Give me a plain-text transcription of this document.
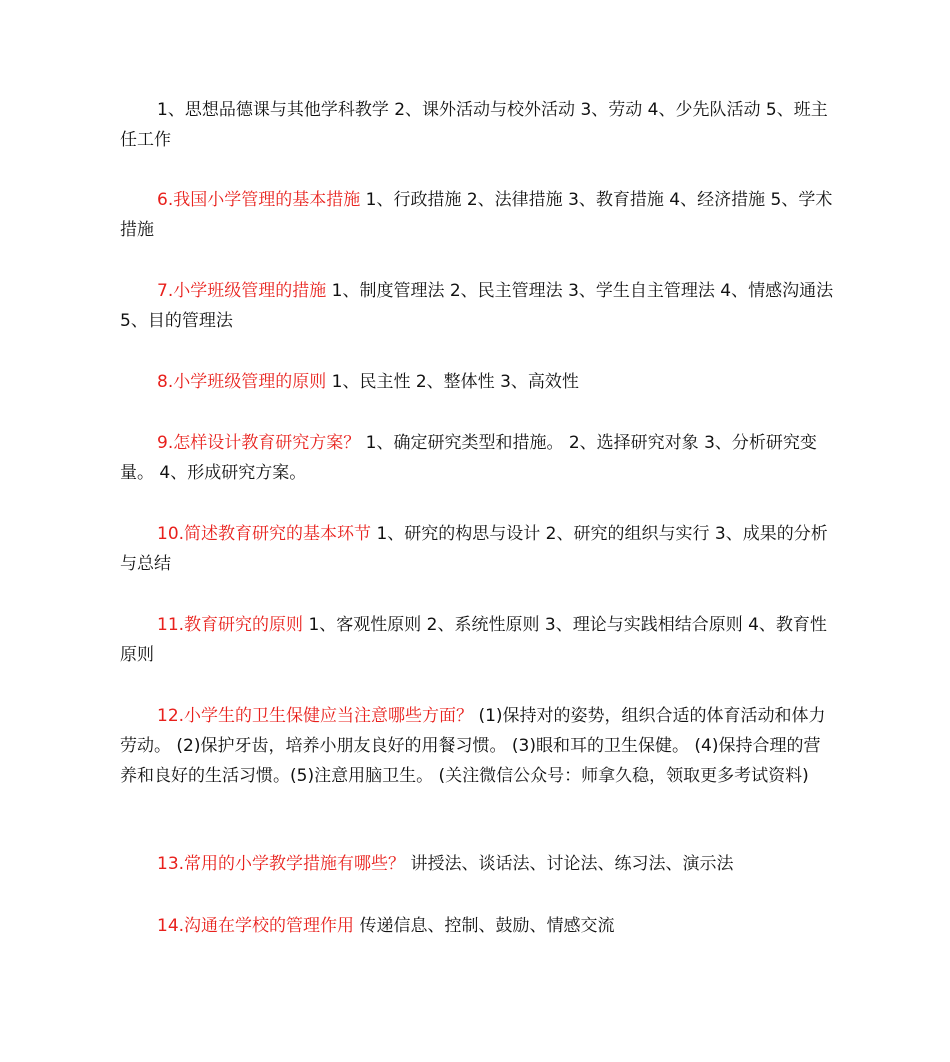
1、思想品德课与其他学科教学 2、课外活动与校外活动 3、劳动 4、少先队活动 5、班主任工作

6.我国小学管理的基本措施 1、行政措施 2、法律措施 3、教育措施 4、经济措施 5、学术措施

7.小学班级管理的措施 1、制度管理法 2、民主管理法 3、学生自主管理法 4、情感沟通法 5、目的管理法

8.小学班级管理的原则 1、民主性 2、整体性 3、高效性

9.怎样设计教育研究方案？ 1、确定研究类型和措施。 2、选择研究对象 3、分析研究变量。 4、形成研究方案。

10.简述教育研究的基本环节 1、研究的构思与设计 2、研究的组织与实行 3、成果的分析与总结

11.教育研究的原则 1、客观性原则 2、系统性原则 3、理论与实践相结合原则 4、教育性原则

12.小学生的卫生保健应当注意哪些方面？ (1)保持对的姿势，组织合适的体育活动和体力劳动。 (2)保护牙齿，培养小朋友良好的用餐习惯。 (3)眼和耳的卫生保健。 (4)保持合理的营养和良好的生活习惯。(5)注意用脑卫生。 (关注微信公众号：师拿久稳，领取更多考试资料)

13.常用的小学教学措施有哪些？ 讲授法、谈话法、讨论法、练习法、演示法

14.沟通在学校的管理作用 传递信息、控制、鼓励、情感交流
